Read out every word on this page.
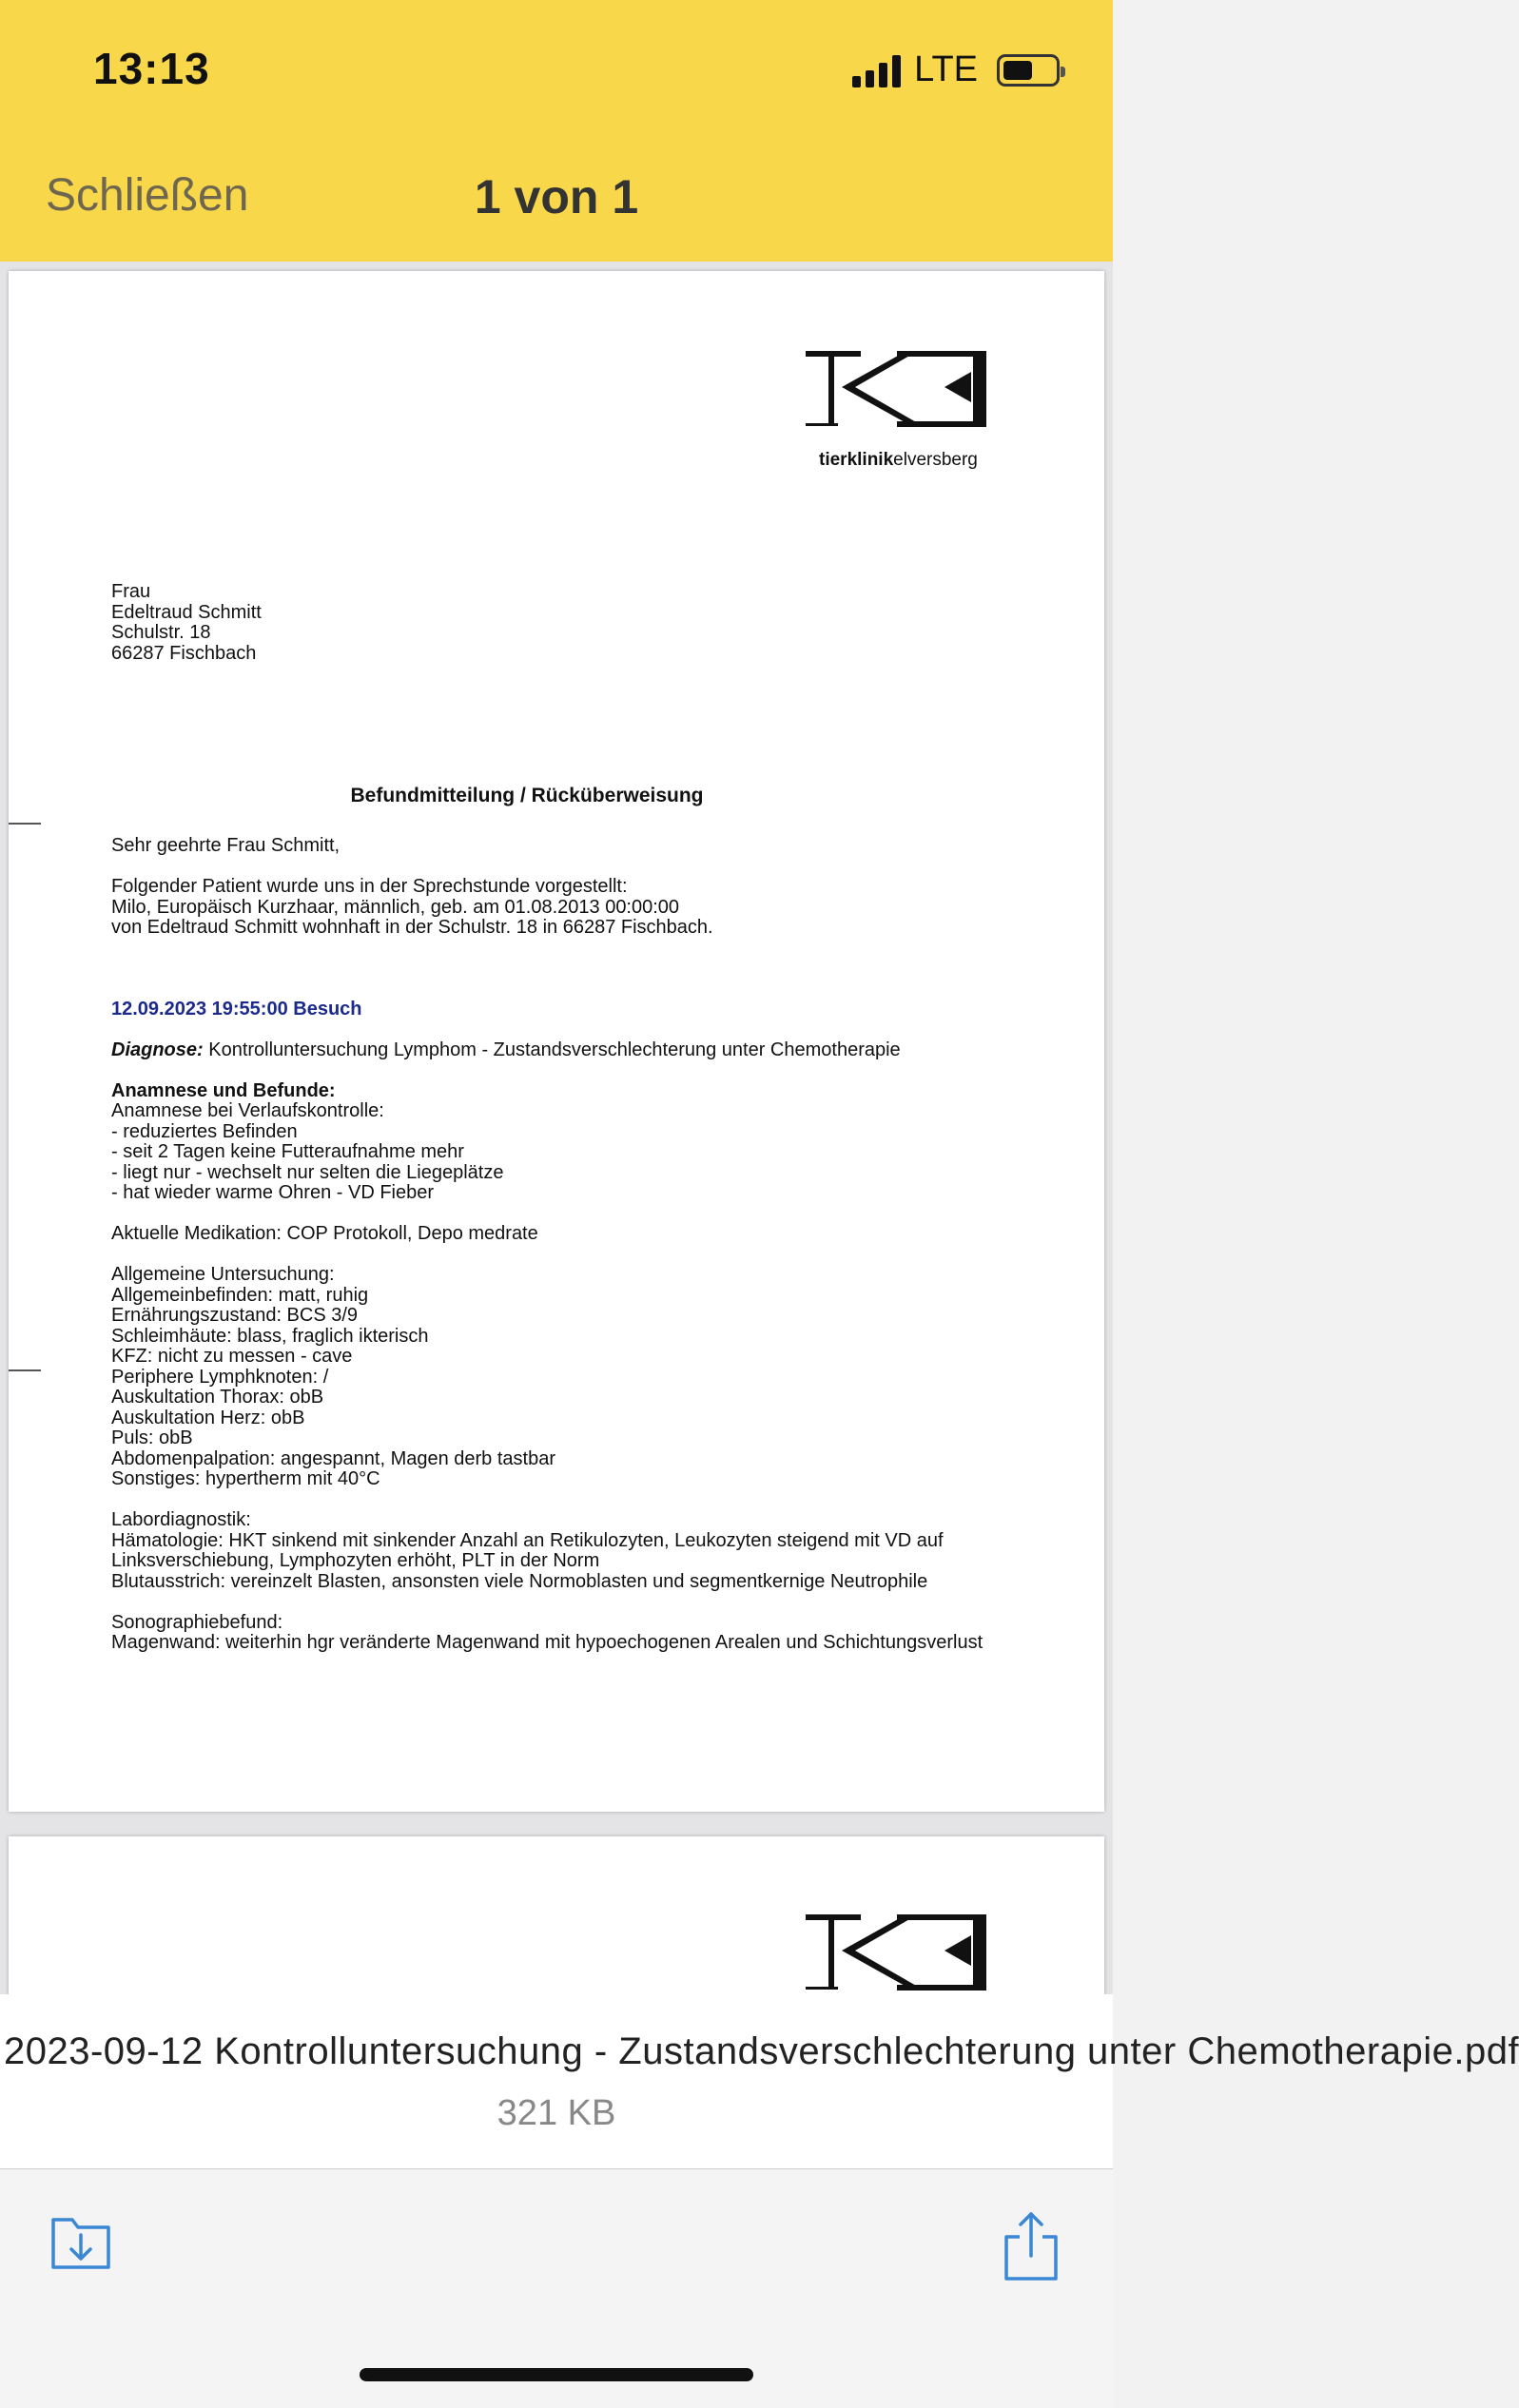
13:13	LTE
Schließen	1 von 1
tierklinikelversberg
Frau
Edeltraud Schmitt
Schulstr. 18
66287 Fischbach
Befundmitteilung / Rücküberweisung
Sehr geehrte Frau Schmitt,
Folgender Patient wurde uns in der Sprechstunde vorgestellt:
Milo, Europäisch Kurzhaar, männlich, geb. am 01.08.2013 00:00:00
von Edeltraud Schmitt wohnhaft in der Schulstr. 18 in 66287 Fischbach.
12.09.2023 19:55:00 Besuch
Diagnose: Kontrolluntersuchung Lymphom - Zustandsverschlechterung unter Chemotherapie
Anamnese und Befunde:
Anamnese bei Verlaufskontrolle:
- reduziertes Befinden
- seit 2 Tagen keine Futteraufnahme mehr
- liegt nur - wechselt nur selten die Liegeplätze
- hat wieder warme Ohren - VD Fieber
Aktuelle Medikation: COP Protokoll, Depo medrate
Allgemeine Untersuchung:
Allgemeinbefinden: matt, ruhig
Ernährungszustand: BCS 3/9
Schleimhäute: blass, fraglich ikterisch
KFZ: nicht zu messen - cave
Periphere Lymphknoten: /
Auskultation Thorax: obB
Auskultation Herz: obB
Puls: obB
Abdomenpalpation: angespannt, Magen derb tastbar
Sonstiges: hypertherm mit 40°C
Labordiagnostik:
Hämatologie: HKT sinkend mit sinkender Anzahl an Retikulozyten, Leukozyten steigend mit VD auf
Linksverschiebung, Lymphozyten erhöht, PLT in der Norm
Blutausstrich: vereinzelt Blasten, ansonsten viele Normoblasten und segmentkernige Neutrophile
Sonographiebefund:
Magenwand: weiterhin hgr veränderte Magenwand mit hypoechogenen Arealen und Schichtungsverlust
2023-09-12 Kontrolluntersuchung - Zustandsverschlechterung unter Chemotherapie.pdf
321 KB
